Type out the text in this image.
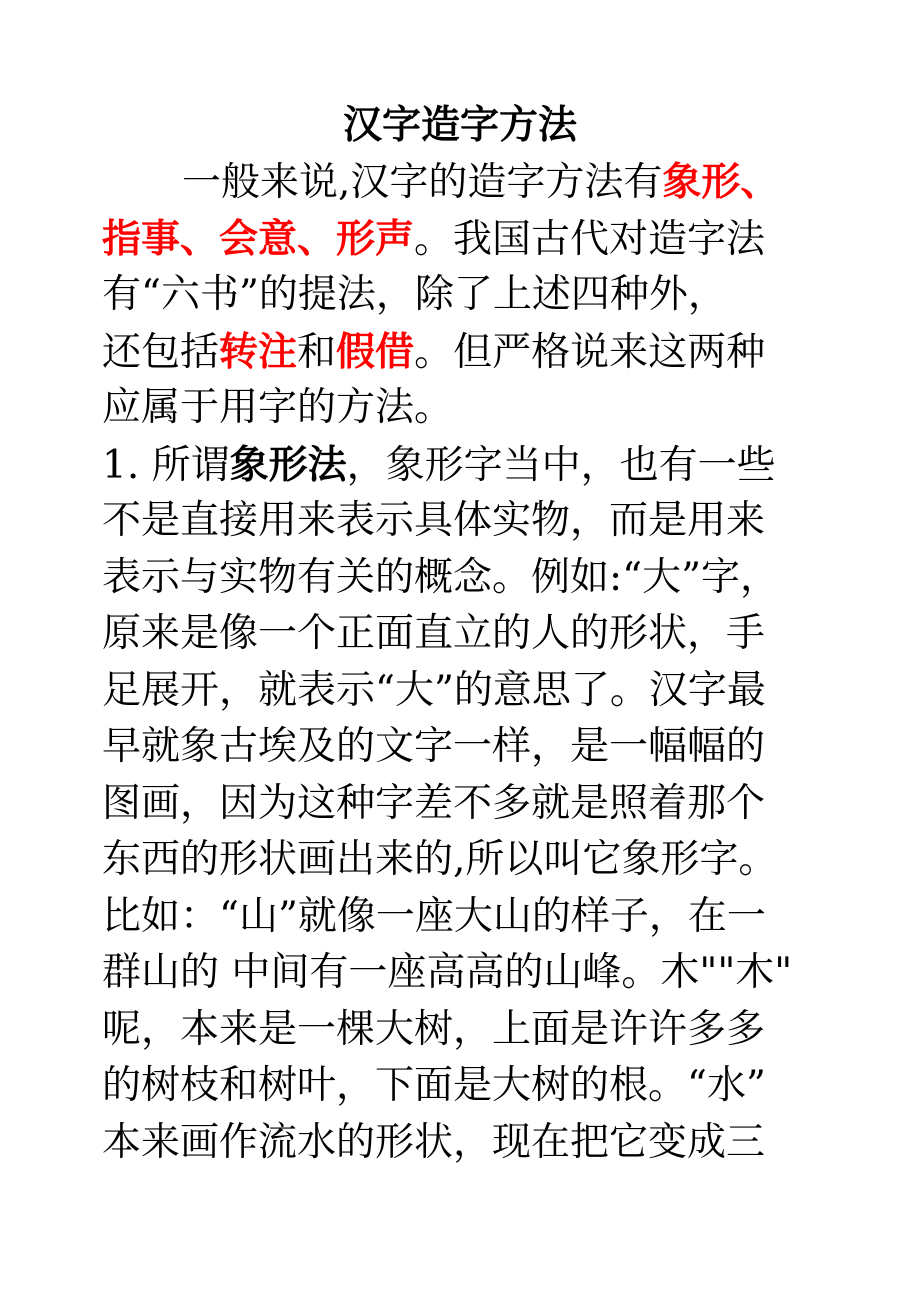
汉字造字方法
一般来说,汉字的造字方法有象形、
指事、会意、形声。我国古代对造字法
有“六书”的提法，除了上述四种外，
还包括转注和假借。但严格说来这两种
应属于用字的方法。
1. 所谓象形法，象形字当中，也有一些
不是直接用来表示具体实物，而是用来
表示与实物有关的概念。例如:“大”字，
原来是像一个正面直立的人的形状，手
足展开，就表示“大”的意思了。汉字最
早就象古埃及的文字一样，是一幅幅的
图画，因为这种字差不多就是照着那个
东西的形状画出来的,所以叫它象形字。
比如：“山”就像一座大山的样子，在一
群山的 中间有一座高高的山峰。木""木"
呢，本来是一棵大树，上面是许许多多
的树枝和树叶，下面是大树的根。“水”
本来画作流水的形状，现在把它变成三
